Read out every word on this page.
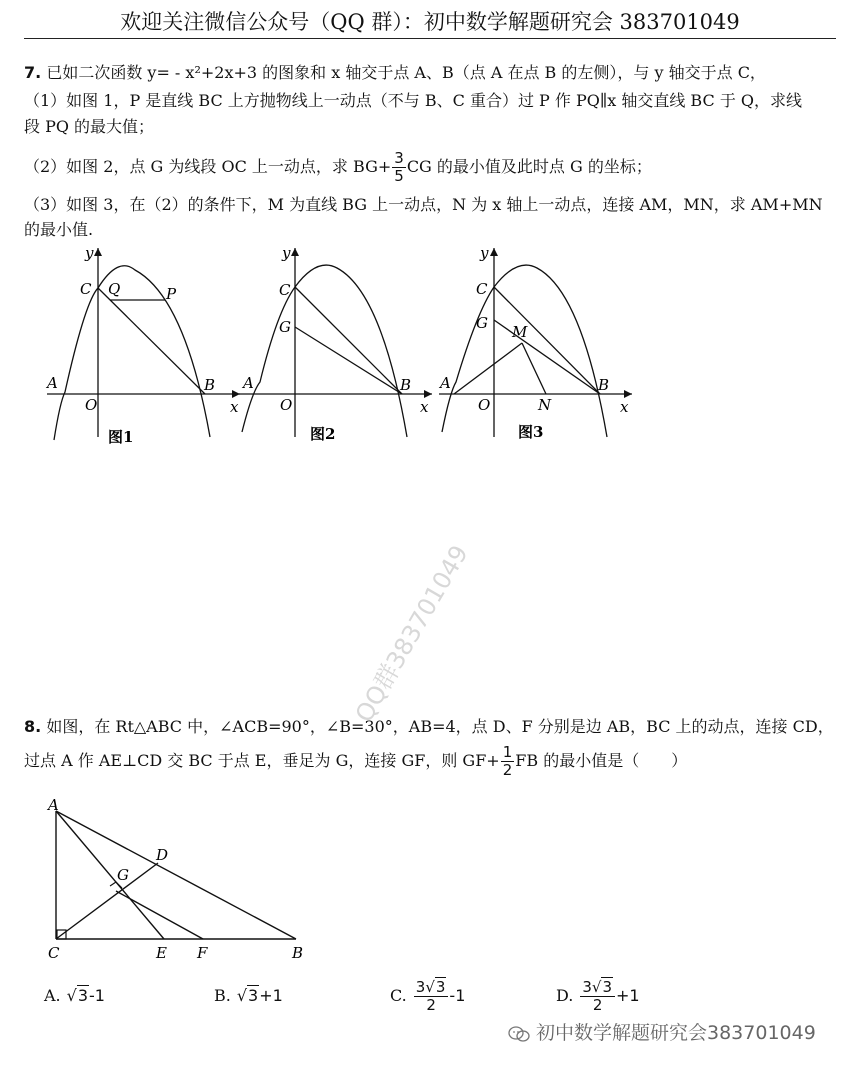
欢迎关注微信公众号（QQ 群）：初中数学解题研究会 383701049
7. 已如二次函数 y= - x²+2x+3 的图象和 x 轴交于点 A、B（点 A 在点 B 的左侧），与 y 轴交于点 C，
（1）如图 1，P 是直线 BC 上方抛物线上一动点（不与 B、C 重合）过 P 作 PQ∥x 轴交直线 BC 于 Q，求线
段 PQ 的最大值；
（2）如图 2，点 G 为线段 OC 上一动点，求 $BG+ \frac{3}{5}$ CG 的最小值及此时点 G 的坐标；
（3）如图 3，在（2）的条件下，M 为直线 BG 上一动点，N 为 x 轴上一动点，连接 AM，MN，求 AM+MN
的最小值.
C Q	P
y
x
A
O
B
图1
C
G
y
x
A
O
B
图2
C
G M
y
x
A
O	N
B
图3
QQ群383701049
8. 如图，在 Rt△ABC 中，∠ACB=90°，∠B=30°，AB=4，点 D、F 分别是边 AB，BC 上的动点，连接 CD，
过点 A 作 AE⊥CD 交 BC 于点 E，垂足为 G，连接 GF，则 $GF+ \frac{1}{2}$ FB 的最小值是（　　）
A
D
G
C	E F	B
A. √3-1	B. √3+1	C. $\frac{3√3}{2} -1$	D. $\frac{3√3}{2} +1$
初中数学解题研究会383701049
